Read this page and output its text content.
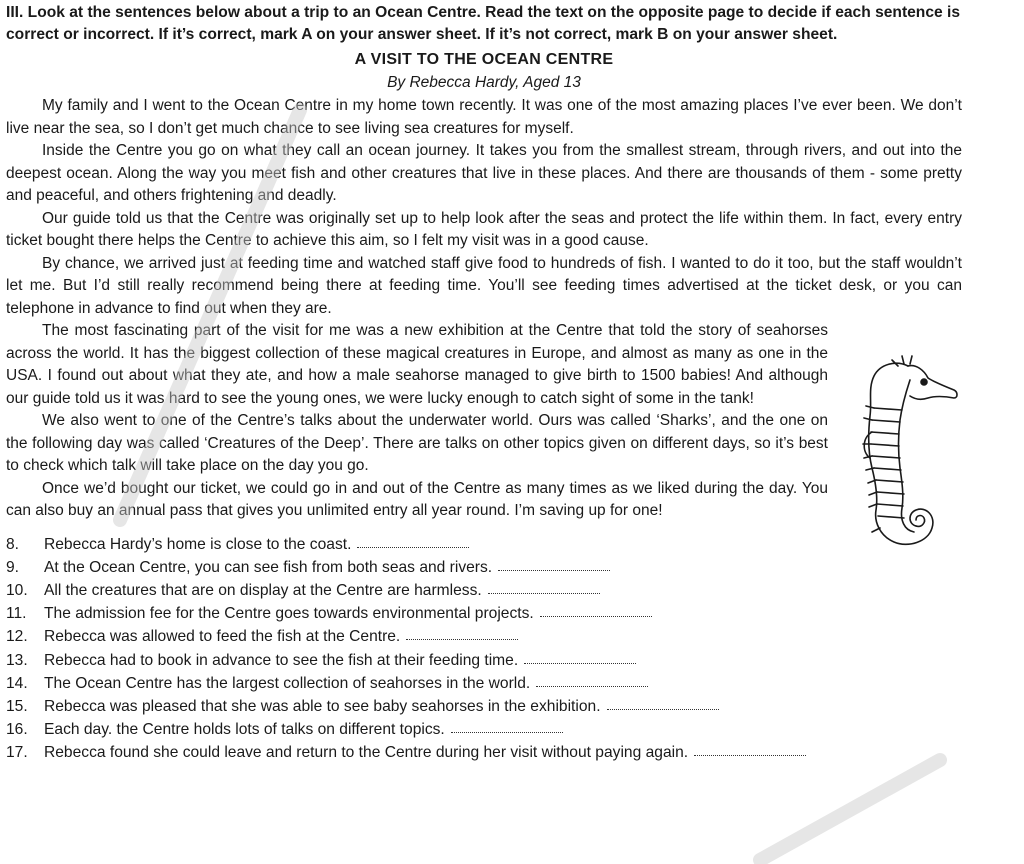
III. Look at the sentences below about a trip to an Ocean Centre. Read the text on the opposite page to decide if each sentence is correct or incorrect. If it’s correct, mark A on your answer sheet. If it’s not correct, mark B on your answer sheet.

A VISIT TO THE OCEAN CENTRE

By Rebecca Hardy, Aged 13

My family and I went to the Ocean Centre in my home town recently. It was one of the most amazing places I’ve ever been. We don’t live near the sea, so I don’t get much chance to see living sea creatures for myself.

Inside the Centre you go on what they call an ocean journey. It takes you from the smallest stream, through rivers, and out into the deepest ocean. Along the way you meet fish and other creatures that live in these places. And there are thousands of them - some pretty and peaceful, and others frightening and deadly.

Our guide told us that the Centre was originally set up to help look after the seas and protect the life within them. In fact, every entry ticket bought there helps the Centre to achieve this aim, so I felt my visit was in a good cause.

By chance, we arrived just at feeding time and watched staff give food to hundreds of fish. I wanted to do it too, but the staff wouldn’t let me. But I’d still really recommend being there at feeding time. You’ll see feeding times advertised at the ticket desk, or you can telephone in advance to find out when they are.

The most fascinating part of the visit for me was a new exhibition at the Centre that told the story of seahorses across the world. It has the biggest collection of these magical creatures in Europe, and almost as many as one in the USA. I found out about what they ate, and how a male seahorse managed to give birth to 1500 babies! And although our guide told us it was hard to see the young ones, we were lucky enough to catch sight of some in the tank!

We also went to one of the Centre’s talks about the underwater world. Ours was called ‘Sharks’, and the one on the following day was called ‘Creatures of the Deep’. There are talks on other topics given on different days, so it’s best to check which talk will take place on the day you go.

Once we’d bought our ticket, we could go in and out of the Centre as many times as we liked during the day. You can also buy an annual pass that gives you unlimited entry all year round. I’m saving up for one!

8.	Rebecca Hardy’s home is close to the coast.
9.	At the Ocean Centre, you can see fish from both seas and rivers.
10.	All the creatures that are on display at the Centre are harmless.
11.	The admission fee for the Centre goes towards environmental projects.
12.	Rebecca was allowed to feed the fish at the Centre.
13.	Rebecca had to book in advance to see the fish at their feeding time.
14.	The Ocean Centre has the largest collection of seahorses in the world.
15.	Rebecca was pleased that she was able to see baby seahorses in the exhibition.
16.	Each day. the Centre holds lots of talks on different topics.
17.	Rebecca found she could leave and return to the Centre during her visit without paying again.
